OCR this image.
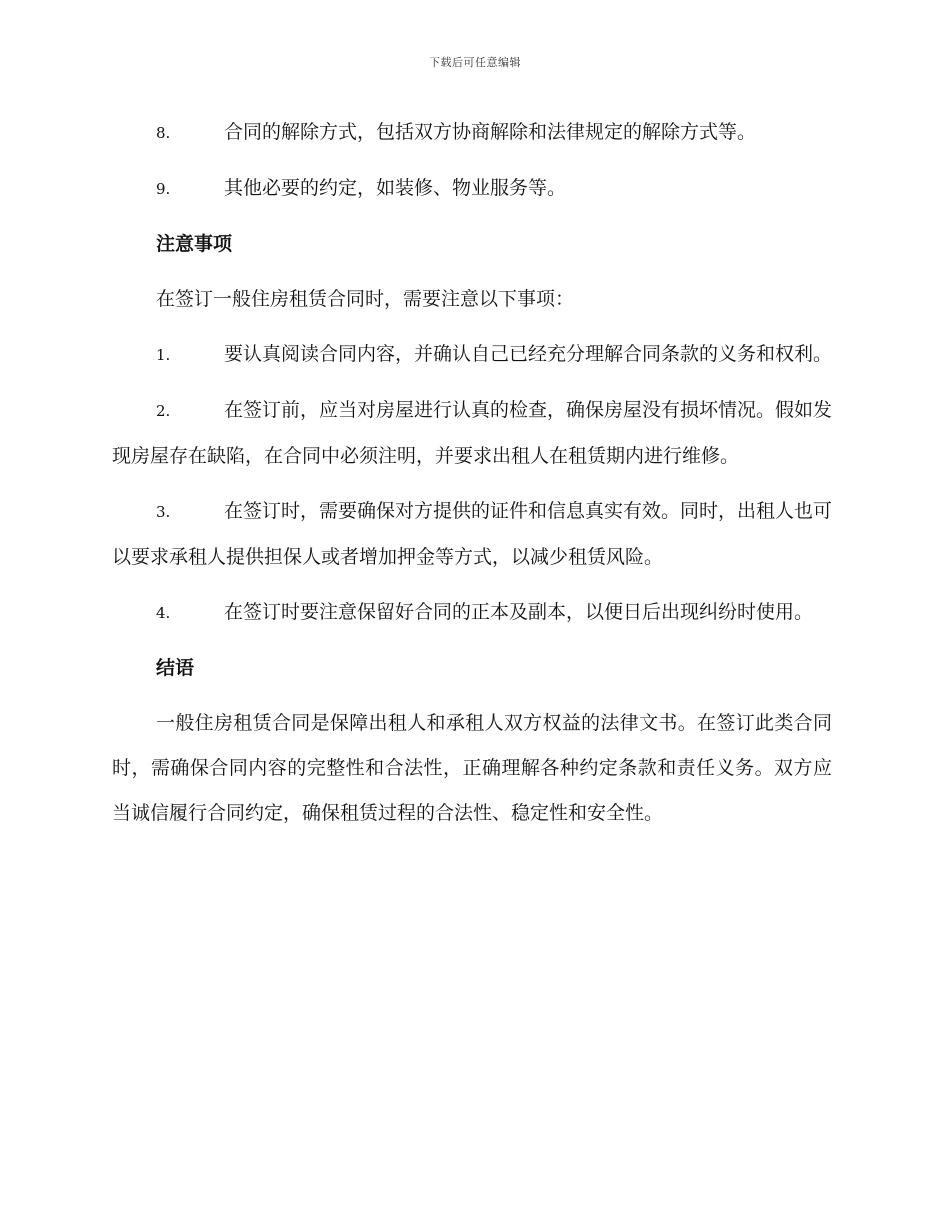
下载后可任意编辑

8.	合同的解除方式，包括双方协商解除和法律规定的解除方式等。

9.	其他必要的约定，如装修、物业服务等。

注意事项

在签订一般住房租赁合同时，需要注意以下事项：

1.	要认真阅读合同内容，并确认自己已经充分理解合同条款的义务和权利。

2.	在签订前，应当对房屋进行认真的检查，确保房屋没有损坏情况。假如发现房屋存在缺陷，在合同中必须注明，并要求出租人在租赁期内进行维修。

3.	在签订时，需要确保对方提供的证件和信息真实有效。同时，出租人也可以要求承租人提供担保人或者增加押金等方式，以减少租赁风险。

4.	在签订时要注意保留好合同的正本及副本，以便日后出现纠纷时使用。

结语

一般住房租赁合同是保障出租人和承租人双方权益的法律文书。在签订此类合同时，需确保合同内容的完整性和合法性，正确理解各种约定条款和责任义务。双方应当诚信履行合同约定，确保租赁过程的合法性、稳定性和安全性。
